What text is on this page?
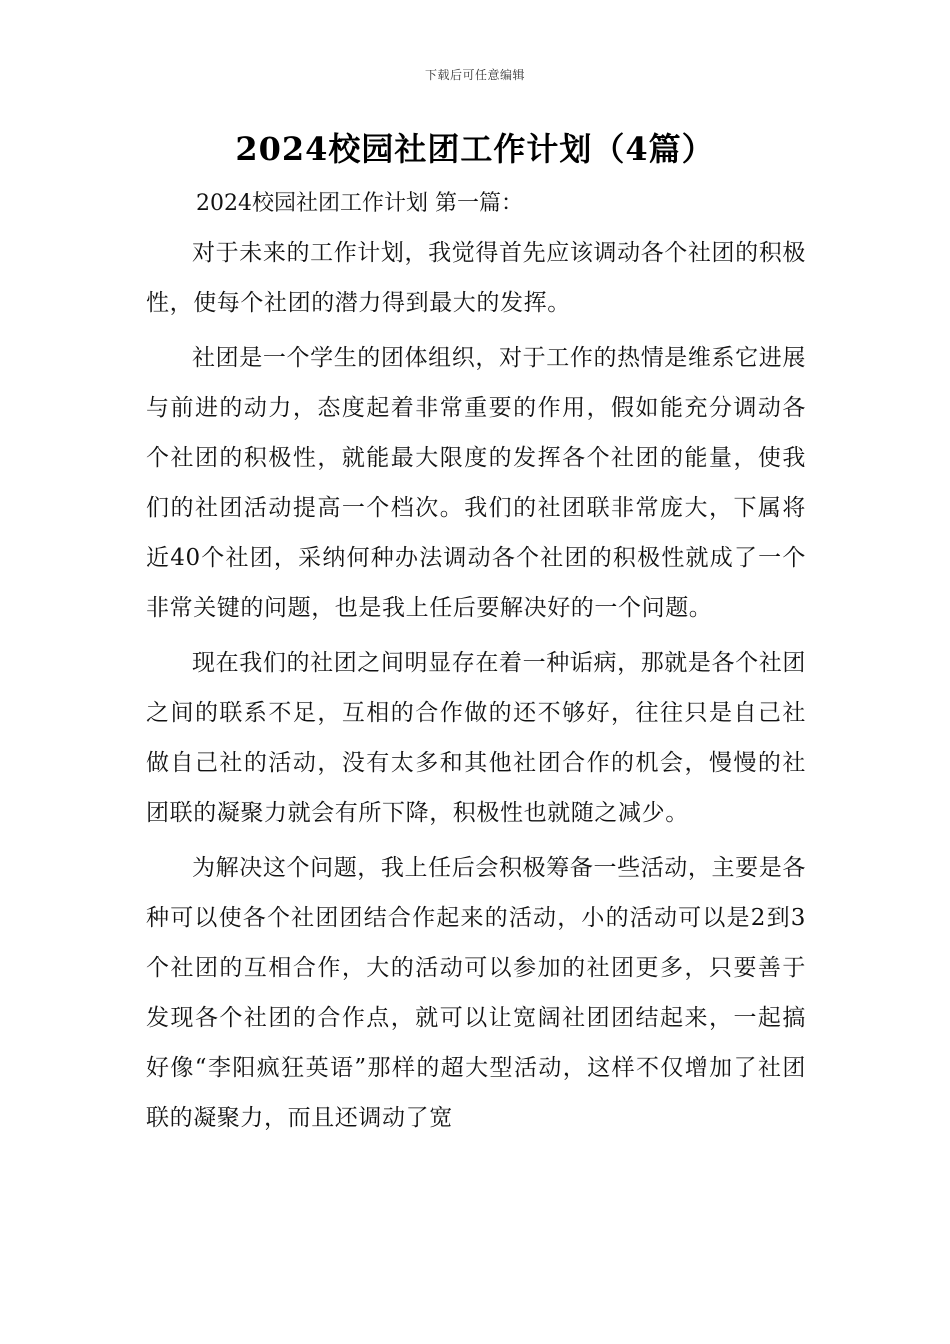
下载后可任意编辑
2024校园社团工作计划（4篇）
2024校园社团工作计划 第一篇：

对于未来的工作计划，我觉得首先应该调动各个社团的积极性，使每个社团的潜力得到最大的发挥。

社团是一个学生的团体组织，对于工作的热情是维系它进展与前进的动力，态度起着非常重要的作用，假如能充分调动各个社团的积极性，就能最大限度的发挥各个社团的能量，使我们的社团活动提高一个档次。我们的社团联非常庞大，下属将近40个社团，采纳何种办法调动各个社团的积极性就成了一个非常关键的问题，也是我上任后要解决好的一个问题。

现在我们的社团之间明显存在着一种诟病，那就是各个社团之间的联系不足，互相的合作做的还不够好，往往只是自己社做自己社的活动，没有太多和其他社团合作的机会，慢慢的社团联的凝聚力就会有所下降，积极性也就随之减少。

为解决这个问题，我上任后会积极筹备一些活动，主要是各种可以使各个社团团结合作起来的活动，小的活动可以是2到3个社团的互相合作，大的活动可以参加的社团更多，只要善于发现各个社团的合作点，就可以让宽阔社团团结起来，一起搞好像“李阳疯狂英语”那样的超大型活动，这样不仅增加了社团联的凝聚力，而且还调动了宽
